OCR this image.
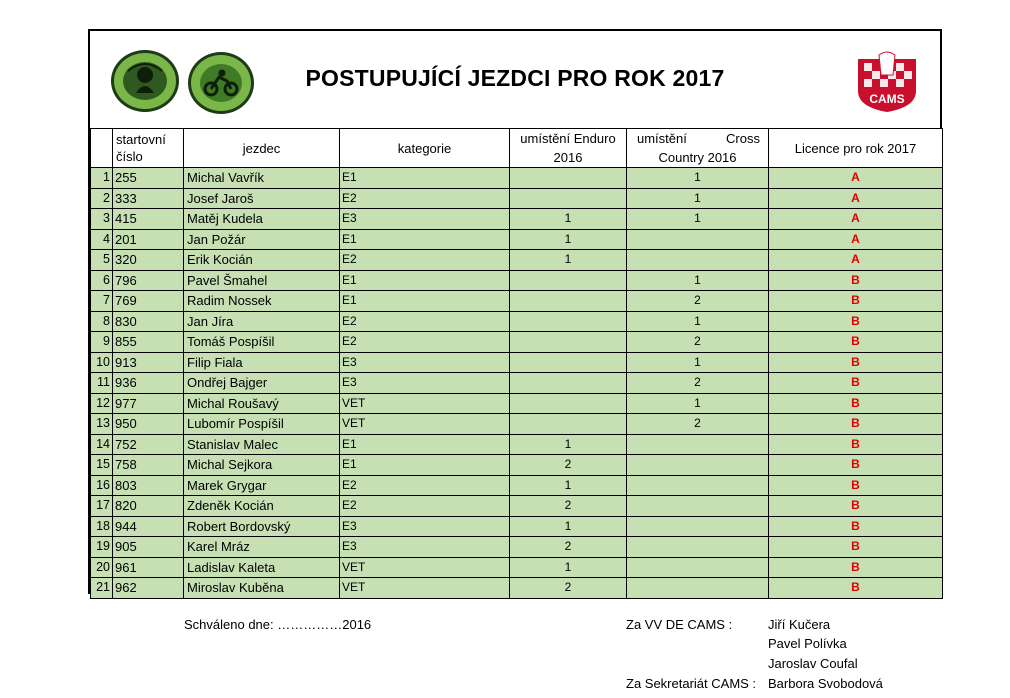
POSTUPUJÍCÍ JEZDCI PRO ROK 2017
CAMS
	startovní
číslo	jezdec	kategorie	umístění Enduro 2016	umístění Cross
Country 2016	Licence pro rok 2017
1	255	Michal Vavřík	E1		1	A
2	333	Josef Jaroš	E2		1	A
3	415	Matěj Kudela	E3	1	1	A
4	201	Jan Požár	E1	1		A
5	320	Erik Kocián	E2	1		A
6	796	Pavel Šmahel	E1		1	B
7	769	Radim Nossek	E1		2	B
8	830	Jan Jíra	E2		1	B
9	855	Tomáš Pospíšil	E2		2	B
10	913	Filip Fiala	E3		1	B
11	936	Ondřej Bajger	E3		2	B
12	977	Michal Roušavý	VET		1	B
13	950	Lubomír Pospíšil	VET		2	B
14	752	Stanislav Malec	E1	1		B
15	758	Michal Sejkora	E1	2		B
16	803	Marek Grygar	E2	1		B
17	820	Zdeněk Kocián	E2	2		B
18	944	Robert Bordovský	E3	1		B
19	905	Karel Mráz	E3	2		B
20	961	Ladislav Kaleta	VET	1		B
21	962	Miroslav Kuběna	VET	2		B
Schváleno dne: ……………2016	Za VV DE CAMS :	Jiří Kučera
Pavel Polívka
Jaroslav Coufal
Za Sekretariát CAMS : Barbora Svobodová
